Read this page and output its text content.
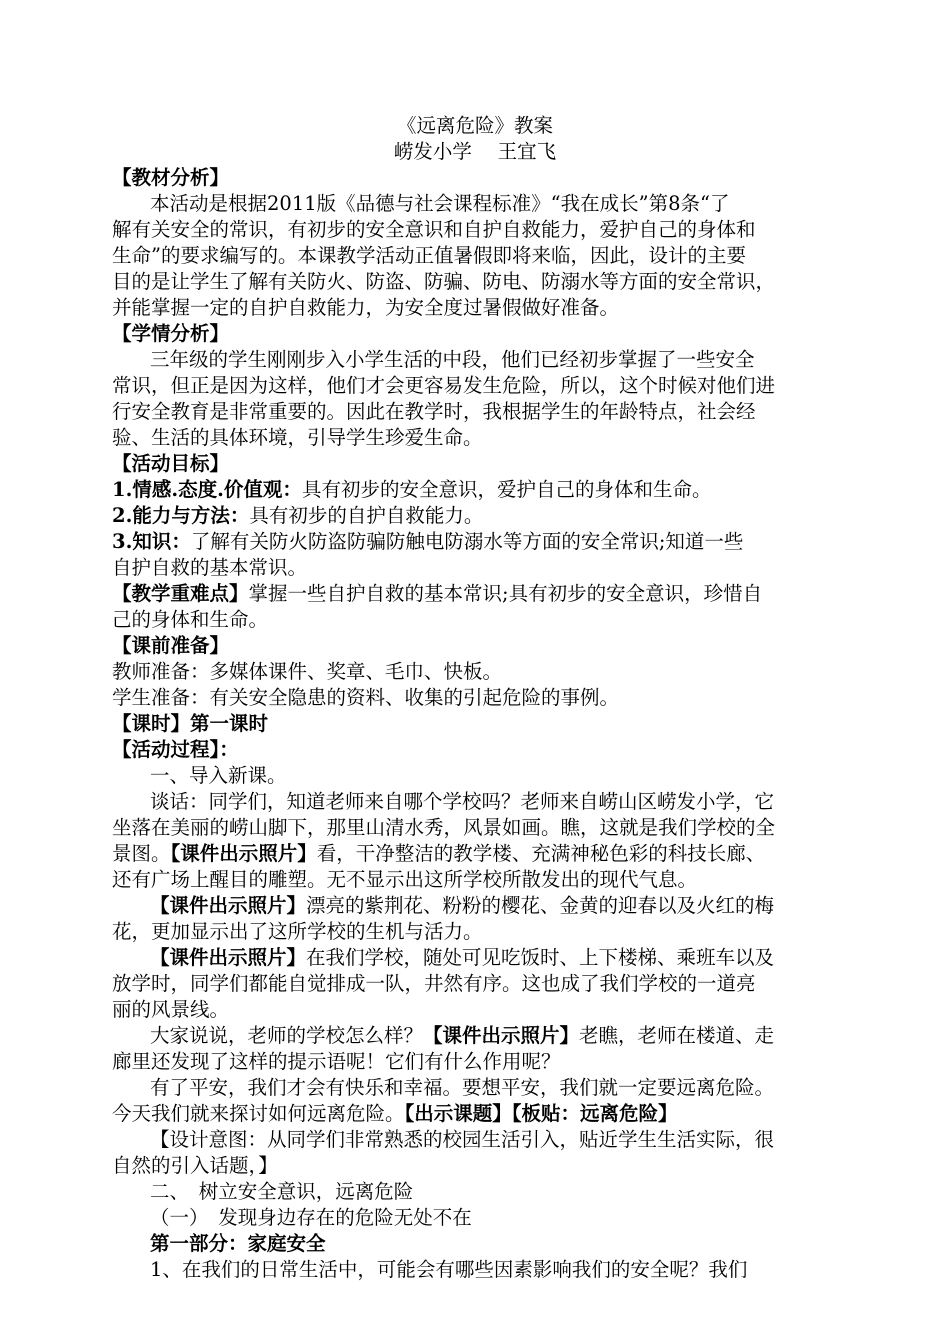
《远离危险》教案
崂发小学　 王宜飞
【教材分析】
本活动是根据2011版《品德与社会课程标准》“我在成长”第8条“了
解有关安全的常识，有初步的安全意识和自护自救能力，爱护自己的身体和
生命”的要求编写的。本课教学活动正值暑假即将来临，因此，设计的主要
目的是让学生了解有关防火、防盗、防骗、防电、防溺水等方面的安全常识，
并能掌握一定的自护自救能力，为安全度过暑假做好准备。
【学情分析】
三年级的学生刚刚步入小学生活的中段，他们已经初步掌握了一些安全
常识，但正是因为这样，他们才会更容易发生危险，所以，这个时候对他们进
行安全教育是非常重要的。因此在教学时，我根据学生的年龄特点，社会经
验、生活的具体环境，引导学生珍爱生命。
【活动目标】
1.情感.态度.价值观：具有初步的安全意识，爱护自己的身体和生命。
2.能力与方法：具有初步的自护自救能力。
3.知识：了解有关防火防盗防骗防触电防溺水等方面的安全常识;知道一些
自护自救的基本常识。
【教学重难点】掌握一些自护自救的基本常识;具有初步的安全意识，珍惜自
己的身体和生命。
【课前准备】
教师准备：多媒体课件、奖章、毛巾、快板。
学生准备：有关安全隐患的资料、收集的引起危险的事例。
【课时】第一课时
【活动过程】：
一、导入新课。
谈话：同学们，知道老师来自哪个学校吗？老师来自崂山区崂发小学，它
坐落在美丽的崂山脚下，那里山清水秀，风景如画。瞧，这就是我们学校的全
景图。【课件出示照片】看，干净整洁的教学楼、充满神秘色彩的科技长廊、
还有广场上醒目的雕塑。无不显示出这所学校所散发出的现代气息。
【课件出示照片】漂亮的紫荆花、粉粉的樱花、金黄的迎春以及火红的梅
花，更加显示出了这所学校的生机与活力。
【课件出示照片】在我们学校，随处可见吃饭时、上下楼梯、乘班车以及
放学时，同学们都能自觉排成一队，井然有序。这也成了我们学校的一道亮
丽的风景线。
大家说说，老师的学校怎么样？【课件出示照片】老瞧，老师在楼道、走
廊里还发现了这样的提示语呢！它们有什么作用呢？
有了平安，我们才会有快乐和幸福。要想平安，我们就一定要远离危险。
今天我们就来探讨如何远离危险。【出示课题】【板贴：远离危险】
【设计意图：从同学们非常熟悉的校园生活引入，贴近学生生活实际，很
自然的引入话题，】
二、　树立安全意识，远离危险
（一）　发现身边存在的危险无处不在
第一部分：家庭安全
1、在我们的日常生活中，可能会有哪些因素影响我们的安全呢？我们
